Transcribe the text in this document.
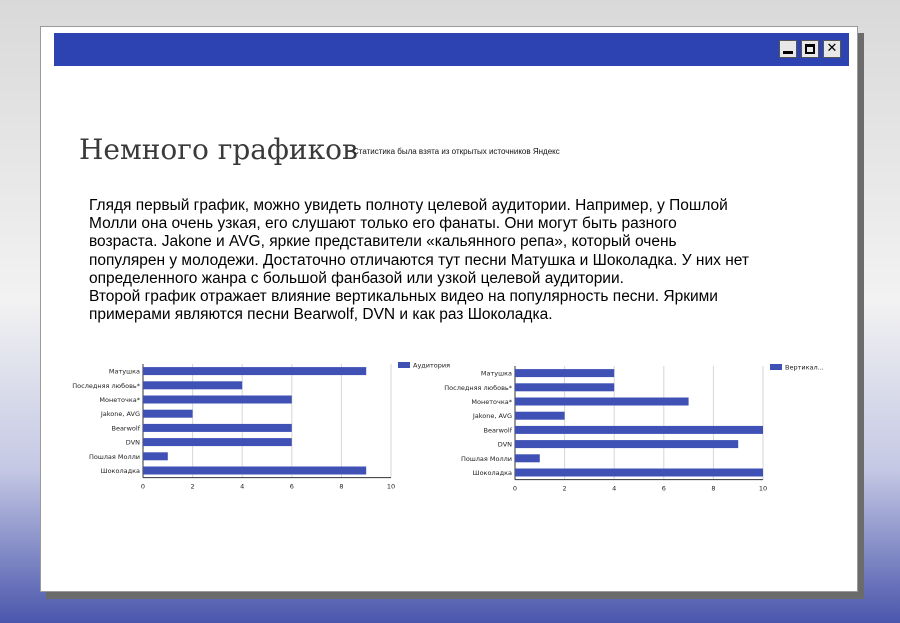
✕
Немного графиков
Статистика была взята из открытых источников Яндекс

Глядя первый график, можно увидеть полноту целевой аудитории. Например, у Пошлой Молли она очень узкая, его слушают только его фанаты. Они могут быть разного возраста. Jakone и AVG, яркие представители «кальянного репа», который очень популярен у молодежи. Достаточно отличаются тут песни Матушка и Шоколадка. У них нет определенного жанра с большой фанбазой или узкой целевой аудитории.

Второй график отражает влияние вертикальных видео на популярность песни. Яркими примерами являются песни Bearwolf, DVN и как раз Шоколадка.

Матушка
Последняя любовь*
Монеточка*
Jakone, AVG
Bearwolf
DVN
Пошлая Молли
Шоколадка
0	2	4	6	8	10
Аудитория
Матушка
Последняя любовь*
Монеточка*
Jakone, AVG
Bearwolf
DVN
Пошлая Молли
Шоколадка
0	2	4	6	8	10
Вертикал...
